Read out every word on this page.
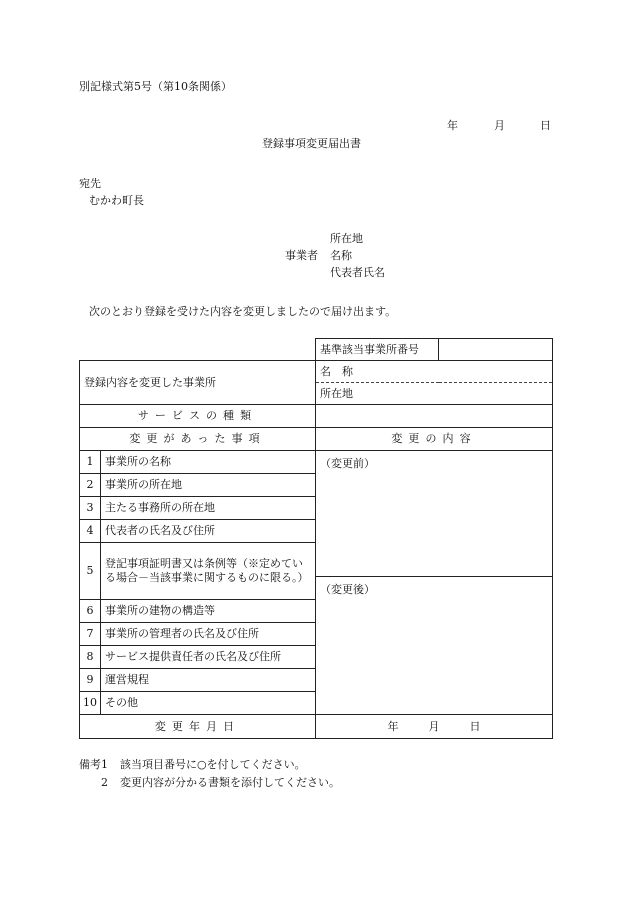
別記様式第5号（第10条関係）
年	月	日
登録事項変更届出書
宛先
むかわ町長
所在地
事業者 名称
代表者氏名
次のとおり登録を受けた内容を変更しましたので届け出ます。
		基準該当事業所番号	
登録内容を変更した事業所		名　称	
		所在地	
サービスの種類			
変更があった事項		変更の内容	
1	事業所の名称	（変更前）	
2	事業所の所在地		
3	主たる事務所の所在地		
4	代表者の氏名及び住所		
5	登記事項証明書又は条例等（※定めている場合－当該事業に関するものに限る。）		
		（変更後）	
6	事業所の建物の構造等		
7	事業所の管理者の氏名及び住所		
8	サービス提供責任者の氏名及び住所		
9	運営規程		
10	その他		
変更年月日		年 月 日	
備考 1 該当項目番号に○を付してください。
2 変更内容が分かる書類を添付してください。
